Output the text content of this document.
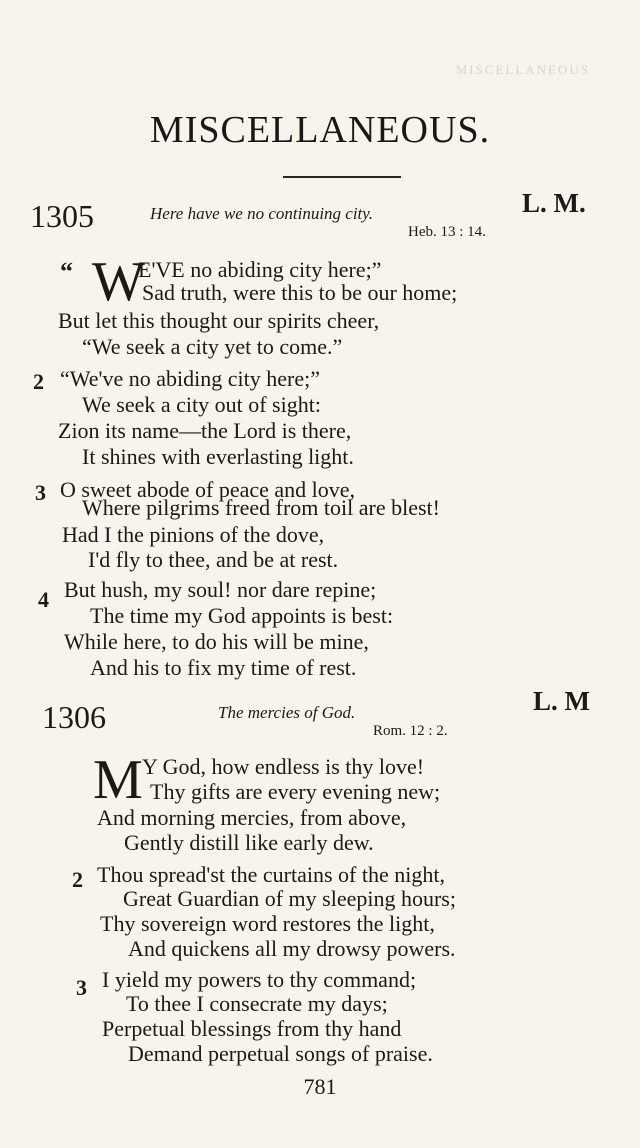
MISCELLANEOUS
MISCELLANEOUS.
1305	Here have we no continuing city.
Heb. 13 : 14.
L. M.
“ W
E'VE no abiding city here;”
Sad truth, were this to be our home;
But let this thought our spirits cheer,
“We seek a city yet to come.”
2 “We've no abiding city here;”
We seek a city out of sight:
Zion its name—the Lord is there,
It shines with everlasting light.
3 O sweet abode of peace and love,
Where pilgrims freed from toil are blest!
Had I the pinions of the dove,
I'd fly to thee, and be at rest.
4 But hush, my soul! nor dare repine;
The time my God appoints is best:
While here, to do his will be mine,
And his to fix my time of rest.
1306	The mercies of God.
Rom. 12 : 2.
L. M
M Y God, how endless is thy love!
Thy gifts are every evening new;
And morning mercies, from above,
Gently distill like early dew.
2 Thou spread'st the curtains of the night,
Great Guardian of my sleeping hours;
Thy sovereign word restores the light,
And quickens all my drowsy powers.
3 I yield my powers to thy command;
To thee I consecrate my days;
Perpetual blessings from thy hand
Demand perpetual songs of praise.
781
